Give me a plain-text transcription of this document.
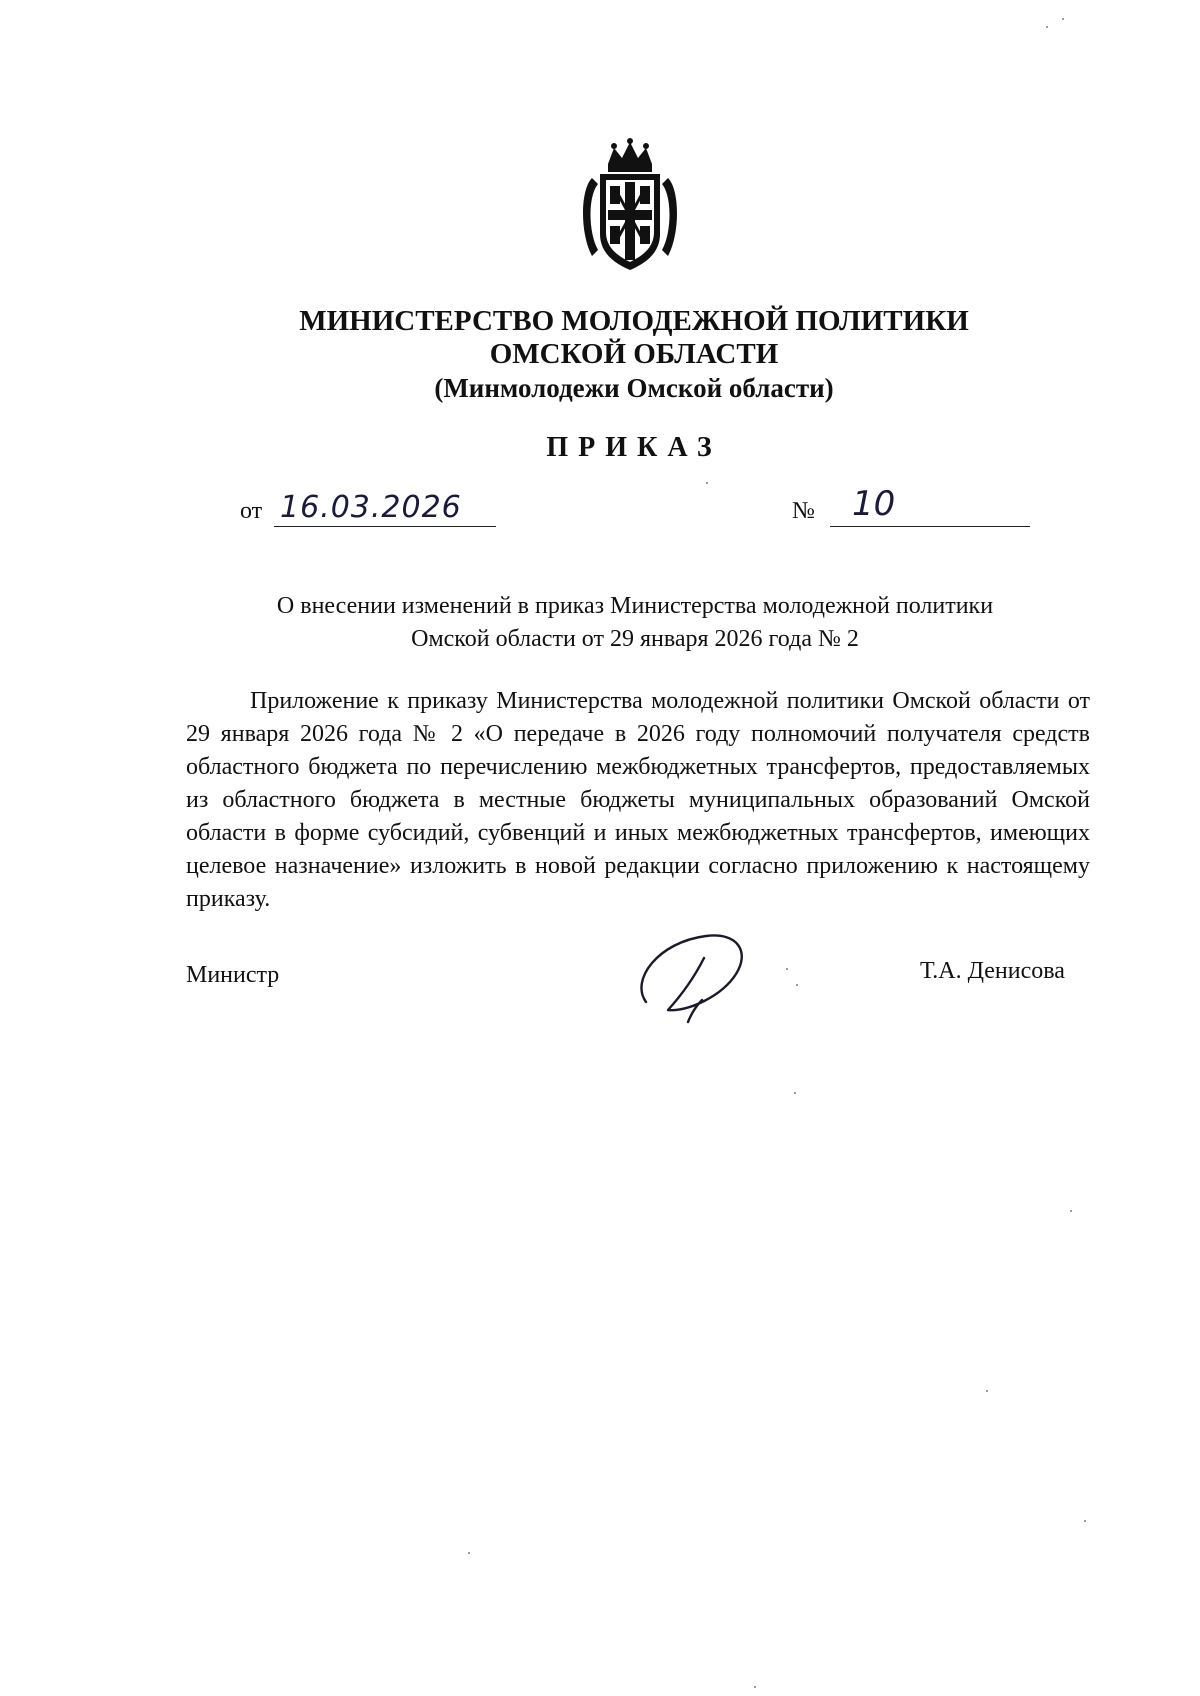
МИНИСТЕРСТВО МОЛОДЕЖНОЙ ПОЛИТИКИ

ОМСКОЙ ОБЛАСТИ

(Минмолодежи Омской области)

ПРИКАЗ

от 16.03.2026	№ 10

О внесении изменений в приказ Министерства молодежной политики

Омской области от 29 января 2026 года № 2

Приложение к приказу Министерства молодежной политики Омской области от 29 января 2026 года № 2 «О передаче в 2026 году полномочий получателя средств областного бюджета по перечислению межбюджетных трансфертов, предоставляемых из областного бюджета в местные бюджеты муниципальных образований Омской области в форме субсидий, субвенций и иных межбюджетных трансфертов, имеющих целевое назначение» изложить в новой редакции согласно приложению к настоящему приказу.

Министр	Т.А. Денисова
